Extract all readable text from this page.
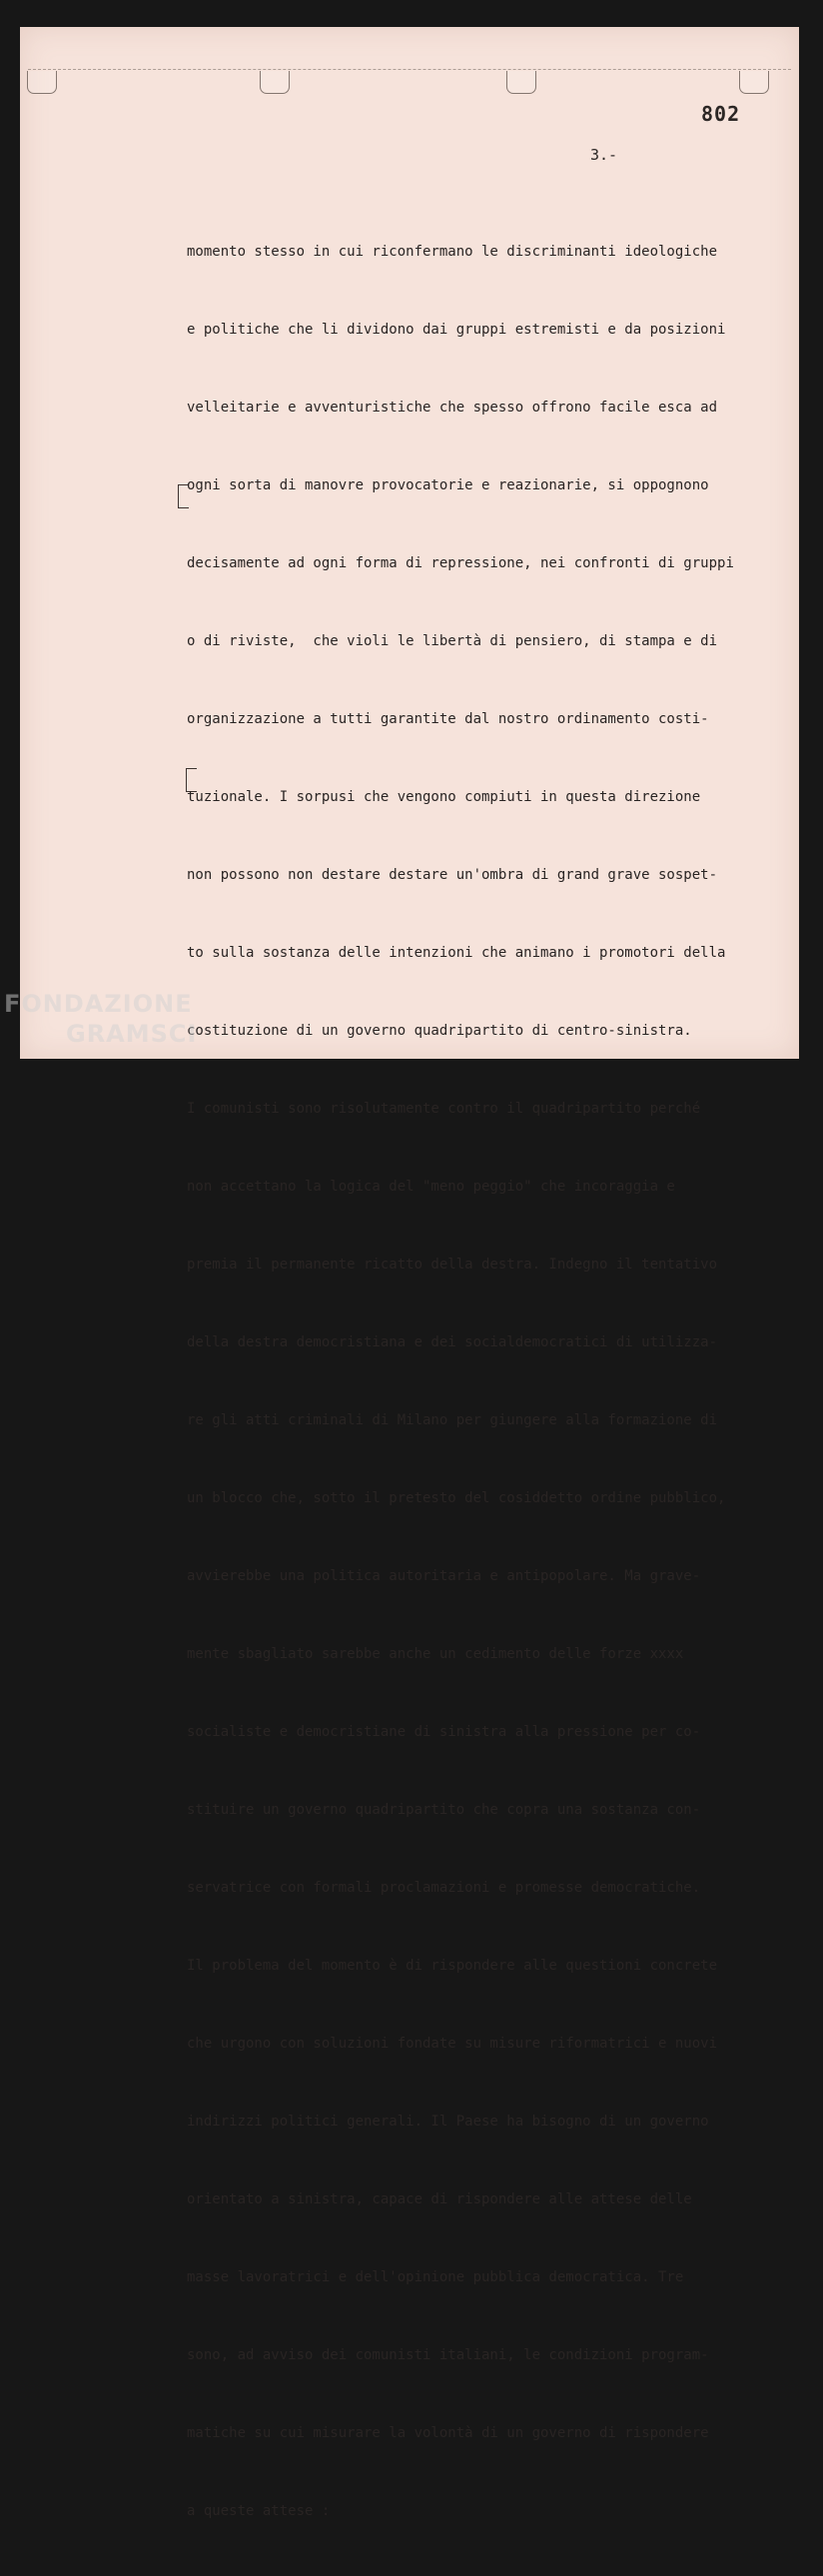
802
3.-

momento stesso in cui riconfermano le discriminanti ideologiche

e politiche che li dividono dai gruppi estremisti e da posizioni

velleitarie e avventuristiche che spesso offrono facile esca ad

ogni sorta di manovre provocatorie e reazionarie, si oppognono

decisamente ad ogni forma di repressione, nei confronti di gruppi

o di riviste,  che violi le libertà di pensiero, di stampa e di

organizzazione a tutti garantite dal nostro ordinamento costi-

tuzionale. I sorpusi che vengono compiuti in questa direzione

non possono non destare destare un'ombra di grand grave sospet-

to sulla sostanza delle intenzioni che animano i promotori della

costituzione di un governo quadripartito di centro-sinistra.

I comunisti sono risolutamente contro il quadripartito perché

non accettano la logica del "meno peggio" che incoraggia e

premia il permanente ricatto della destra. Indegno il tentativo

della destra democristiana e dei socialdemocratici di utilizza-

re gli atti criminali di Milano per giungere alla formazione di

un blocco che, sotto il pretesto del cosiddetto ordine pubblico,

avvierebbe una politica autoritaria e antipopolare. Ma grave-

mente sbagliato sarebbe anche un cedimento delle forze xxxx

socialiste e democristiane di sinistra alla pressione per co-

stituire un governo quadripartito che copra una sostanza con-

servatrice con formali proclamazioni e promesse democratiche.

Il problema del momento è di rispondere alle questioni concrete

che urgono con soluzioni fondate su misure riformatrici e nuovi

indirizzi politici generali. Il Paese ha bisogno di un governo

orientato a sinistra, capace di rispondere alle attese delle

masse lavoratrici e dell'opinione pubblica democratica. Tre

sono, ad avviso dei comunisti italiani, le condizioni program-

matiche su cui misurare la volontà di un governo di rispondere

a queste attese :

FONDAZIONE
GRAMSCI
